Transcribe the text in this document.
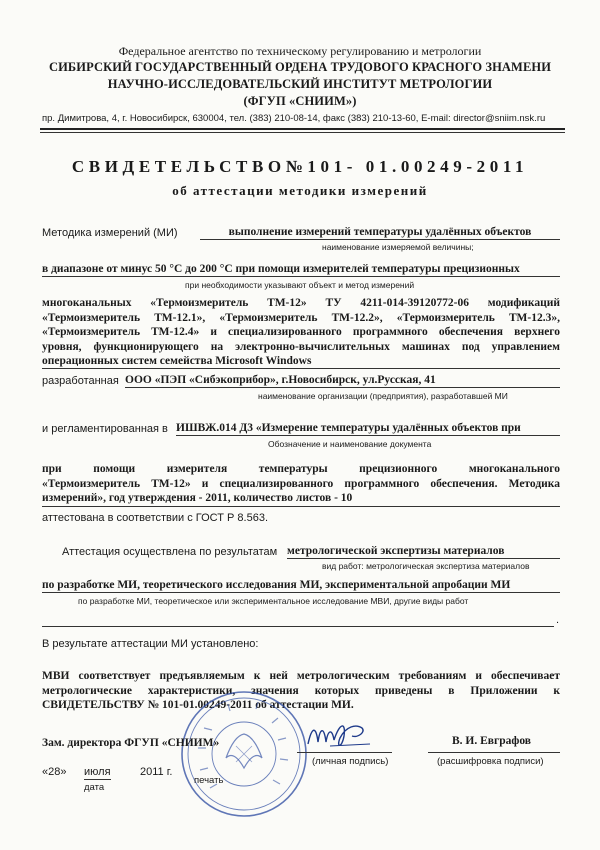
Федеральное агентство по техническому регулированию и метрологии
СИБИРСКИЙ ГОСУДАРСТВЕННЫЙ ОРДЕНА ТРУДОВОГО КРАСНОГО ЗНАМЕНИ
НАУЧНО-ИССЛЕДОВАТЕЛЬСКИЙ ИНСТИТУТ МЕТРОЛОГИИ
(ФГУП «СНИИМ»)
пр. Димитрова, 4, г. Новосибирск, 630004, тел. (383) 210-08-14, факс (383) 210-13-60, E-mail: director@sniim.nsk.ru
СВИДЕТЕЛЬСТВО№101- 01.00249-2011
об аттестации методики измерений
Методика измерений (МИ)	выполнение измерений температуры удалённых объектов
наименование измеряемой величины;
в диапазоне от минус 50 °С до 200 °С при помощи измерителей температуры прецизионных
при необходимости указывают объект и метод измерений
многоканальных «Термоизмеритель ТМ-12» ТУ 4211-014-39120772-06 модификаций
«Термоизмеритель ТМ-12.1», «Термоизмеритель ТМ-12.2», «Термоизмеритель ТМ-12.3»,
«Термоизмеритель ТМ-12.4» и специализированного программного обеспечения верхнего
уровня, функционирующего на электронно-вычислительных машинах под управлением
операционных систем семейства Microsoft Windows
разработанная ООО «ПЭП «Сибэкоприбор», г.Новосибирск, ул.Русская, 41
наименование организации (предприятия), разработавшей МИ
и регламентированная в ИШВЖ.014 Д3 «Измерение температуры удалённых объектов при
Обозначение и наименование документа
при помощи измерителя температуры прецизионного многоканального
«Термоизмеритель ТМ-12» и специализированного программного обеспечения. Методика
измерений», год утверждения - 2011, количество листов - 10
аттестована в соответствии с ГОСТ Р 8.563.
Аттестация осуществлена по результатам метрологической экспертизы материалов
вид работ: метрологическая экспертиза материалов
по разработке МИ, теоретического исследования МИ, экспериментальной апробации МИ
по разработке МИ, теоретическое или экспериментальное исследование МВИ, другие виды работ
.
В результате аттестации МИ установлено:
МВИ соответствует предъявляемым к ней метрологическим требованиям и обеспечивает
метрологические характеристики, значения которых приведены в Приложении к
СВИДЕТЕЛЬСТВУ № 101-01.00249-2011 об аттестации МИ.
Зам. директора ФГУП «СНИИМ»
(личная подпись)
В. И. Евграфов
(расшифровка подписи)
«28» июля	2011 г.
дата
печать
